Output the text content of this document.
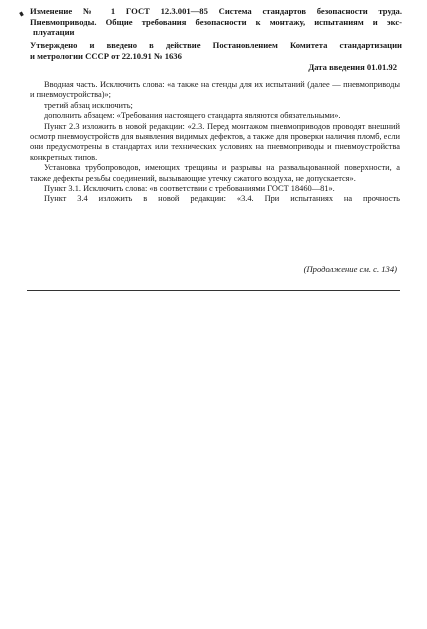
Изменение № 1 ГОСТ 12.3.001—85 Система стандартов безопасности труда.

Пневмоприводы. Общие требования безопасности к монтажу, испытаниям и экс-

плуатации

Утверждено и введено в действие Постановлением Комитета стандартизации

и метрологии СССР от 22.10.91 № 1636

Дата введения 01.01.92

Вводная часть. Исключить слова: «а также на стенды для их испытаний (далее — пневмоприводы и пневмоустройства)»;

третий абзац исключить;

дополнить абзацем: «Требования настоящего стандарта являются обязательными».

Пункт 2.3 изложить в новой редакции: «2.3. Перед монтажом пневмоприводов проводят внешний осмотр пневмоустройств для выявления видимых дефектов, а также для проверки наличия пломб, если они предусмотрены в стандартах или технических условиях на пневмоприводы и пневмоустройства конкретных типов.

Установка трубопроводов, имеющих трещины и разрывы на развальцованной поверхности, а также дефекты резьбы соединений, вызывающие утечку сжатого воздуха, не допускается».

Пункт 3.1. Исключить слова: «в соответствии с требованиями ГОСТ 18460—81».

Пункт 3.4 изложить в новой редакции: «3.4. При испытаниях на прочность

(Продолжение см. с. 134)
